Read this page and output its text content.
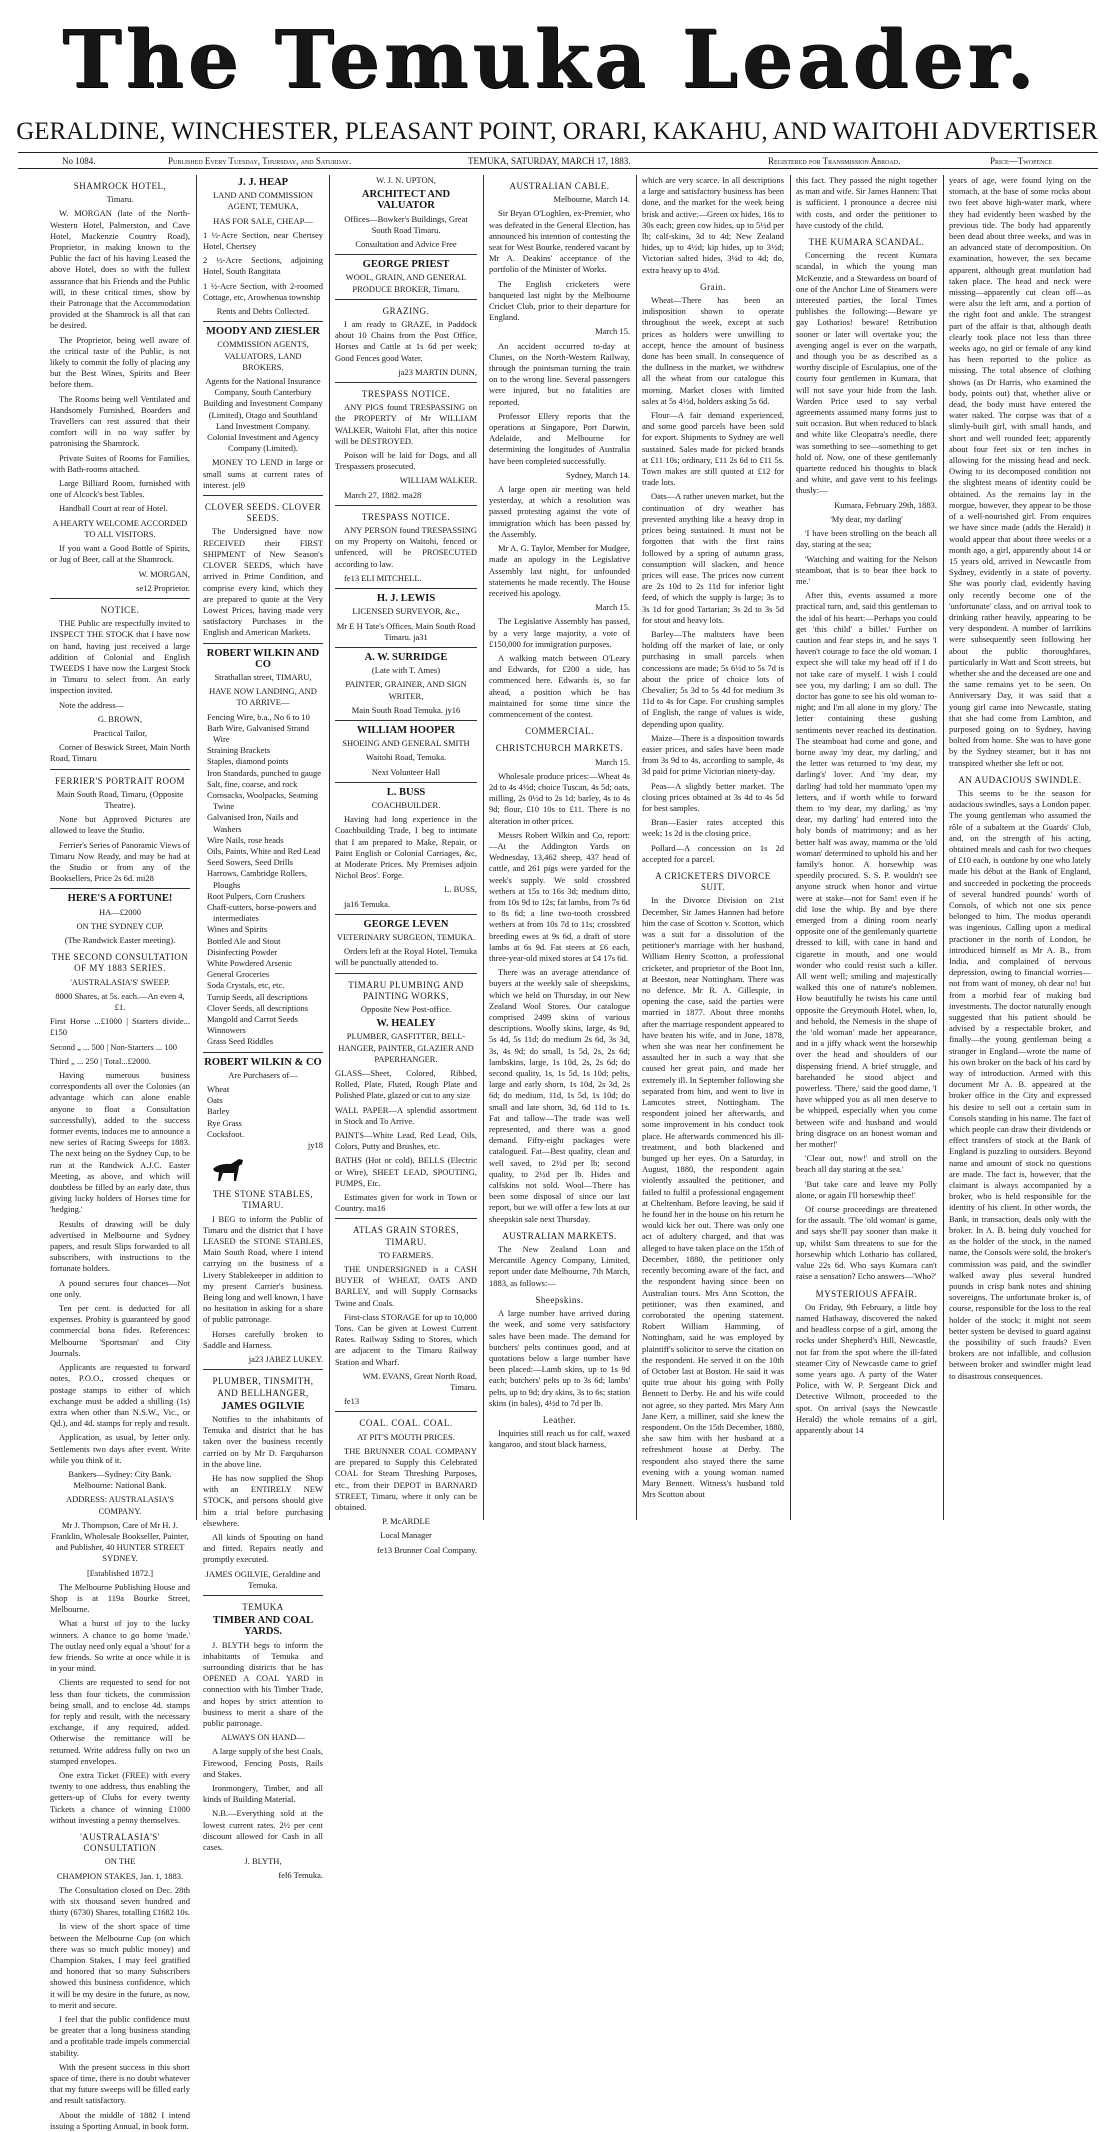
The Temuka Leader.
GERALDINE, WINCHESTER, PLEASANT POINT, ORARI, KAKAHU, AND WAITOHI ADVERTISER
No 1084.	Published Every Tuesday, Thursday, and Saturday.	TEMUKA, SATURDAY, MARCH 17, 1883.	Registered for Transmission Abroad.	Price—Twopence
SHAMROCK HOTEL,

Timaru.

W. MORGAN (late of the North-Western Hotel, Palmerston, and Cave Hotel, Mackenzie Country Road), Proprietor, in making known to the Public the fact of his having Leased the above Hotel, does so with the fullest assurance that his Friends and the Public will, in these critical times, show by their Patronage that the Accommodation provided at the Shamrock is all that can be desired.

The Proprietor, being well aware of the critical taste of the Public, is not likely to commit the folly of placing any but the Best Wines, Spirits and Beer before them.

The Rooms being well Ventilated and Handsomely Furnished, Boarders and Travellers can rest assured that their comfort will in no way suffer by patronising the Shamrock.

Private Suites of Rooms for Families, with Bath-rooms attached.

Large Billiard Room, furnished with one of Alcock's best Tables.

Handball Court at rear of Hotel.

A HEARTY WELCOME ACCORDED TO ALL VISITORS.

If you want a Good Bottle of Spirits, or Jug of Beer, call at the Shamrock.

W. MORGAN,

se12 Proprietor.

NOTICE.

THE Public are respectfully invited to INSPECT THE STOCK that I have now on hand, having just received a large addition of Colonial and English TWEEDS I have now the Largest Stock in Timaru to select from. An early inspection invited.

Note the address—

G. BROWN,

Practical Tailor,

Corner of Beswick Street, Main North Road, Timaru

FERRIER'S PORTRAIT ROOM

Main South Road, Timaru, (Opposite Theatre).

None but Approved Pictures are allowed to leave the Studio.

Ferrier's Series of Panoramic Views of Timaru Now Ready, and may be had at the Studio or from any of the Booksellers, Price 2s 6d. mi28

HERE'S A FORTUNE!

HA—£2000

ON THE SYDNEY CUP.

(The Randwick Easter meeting).

THE SECOND CONSULTATION OF MY 1883 SERIES.

'AUSTRALASIA'S' SWEEP.

8000 Shares, at 5s. each.—An even 4, £1.

First Horse ...£1000 | Starters divide...£150

Second „ ... 500 | Non-Starters ... 100

Third „ ... 250 | Total...£2000.

Having numerous business correspondents all over the Colonies (an advantage which can alone enable anyone to float a Consultation successfully), added to the success former events, induces me to announce a new series of Racing Sweeps for 1883. The next being on the Sydney Cup, to be run at the Randwick A.J.C. Easter Meeting, as above, and which will doubtless be filled by an early date, thus giving lucky holders of Horses time for 'hedging.'

Results of drawing will be duly advertised in Melbourne and Sydney papers, and result Slips forwarded to all subscribers, with instructions to the fortunate holders.

A pound secures four chances—Not one only.

Ten per cent. is deducted for all expenses. Probity is guaranteed by good commercial bona fides. References: Melbourne 'Sportsman' and City Journals.

Applicants are requested to forward notes, P.O.O., crossed cheques or postage stamps to either of which exchange must be added a shilling (1s) extra when other than N.S.W., Vic., or Qd.), and 4d. stamps for reply and result.

Application, as usual, by letter only. Settlements two days after event. Write while you think of it.

Bankers—Sydney: City Bank. Melbourne: National Bank.

ADDRESS: AUSTRALASIA'S COMPANY.

Mr J. Thompson, Care of Mr H. J. Franklin, Wholesale Bookseller, Painter, and Publisher, 40 HUNTER STREET SYDNEY.

[Established 1872.]

The Melbourne Publishing House and Shop is at 119a Bourke Street, Melbourne.

What a burst of joy to the lucky winners. A chance to go home 'made.' The outlay need only equal a 'shout' for a few friends. So write at once while it is in your mind.

Clients are requested to send for not less than four tickets, the commission being small, and to enclose 4d. stamps for reply and result, with the necessary exchange, if any required, added. Otherwise the remittance will be returned. Write address fully on two un stamped envelopes.

One extra Ticket (FREE) with every twenty to one address, thus enabling the getters-up of Clubs for every twenty Tickets a chance of winning £1000 without investing a penny themselves.

'AUSTRALASIA'S' CONSULTATION

ON THE

CHAMPION STAKES, Jan. 1, 1883.

The Consultation closed on Dec. 28th with six thousand seven hundred and thirty (6730) Shares, totalling £1682 10s.

In view of the short space of time between the Melbourne Cup (on which there was so much public money) and Champion Stakes, I may feel gratified and honored that so many Subscribers showed this business confidence, which it will be my desire in the future, as now, to merit and secure.

I feel that the public confidence must be greater that a long business standing and a profitable trade impels commercial stability.

With the present success in this short space of time, there is no doubt whatever that my future sweeps will be filled early and result satisfactory.

About the middle of 1882 I intend issuing a Sporting Annual, in book form.

J. J. HEAP

LAND AND COMMISSION AGENT, TEMUKA,

HAS FOR SALE, CHEAP—

1 ½-Acre Section, near Chertsey Hotel, Chertsey

2 ½-Acre Sections, adjoining Hotel, South Rangitata

1 ½-Acre Section, with 2-roomed Cottage, etc, Arowhenua township

Rents and Debts Collected.

MOODY AND ZIESLER

COMMISSION AGENTS, VALUATORS, LAND BROKERS.

Agents for the National Insurance Company, South Canterbury Building and Investment Company (Limited), Otago and Southland Land Investment Company. Colonial Investment and Agency Company (Limited).

MONEY TO LEND in large or small sums at current rates of interest. jel9

CLOVER SEEDS. CLOVER SEEDS.

The Undersigned have now RECEIVED their FIRST SHIPMENT of New Season's CLOVER SEEDS, which have arrived in Prime Condition, and comprise every kind, which they are prepared to quote at the Very Lowest Prices, having made very satisfactory Purchases in the English and American Markets.

ROBERT WILKIN AND CO

Strathallan street, TIMARU,

HAVE NOW LANDING, AND TO ARRIVE—

Fencing Wire, b.a., No 6 to 10
Barb Wire, Galvanised Strand Wire
Straining Brackets
Staples, diamond points
Iron Standards, punched to gauge
Salt, fine, coarse, and rock
Cornsacks, Woolpacks, Seaming Twine
Galvanised Iron, Nails and Washers
Wire Nails, rose heads
Oils, Paints, White and Red Lead
Seed Sowers, Seed Drills
Harrows, Cambridge Rollers, Ploughs
Root Pulpers, Corn Crushers
Chaff-cutters, horse-powers and intermediates
Wines and Spirits
Bottled Ale and Stout
Disinfecting Powder
White Powdered Arsenic
General Groceries
Soda Crystals, etc, etc.
Turnip Seeds, all descriptions
Clover Seeds, all descriptions
Mangold and Carrot Seeds
Winnowers
Grass Seed Riddles
ROBERT WILKIN & CO

Are Purchasers of—

Wheat
Oats
Barley
Rye Grass
Cocksfoot.

jy18

THE STONE STABLES, TIMARU.

I BEG to inform the Public of Timaru and the district that I have LEASED the STONE STABLES, Main South Road, where I intend carrying on the business of a Livery Stablekeeper in addition to my present Carrier's business. Being long and well known, I have no hesitation in asking for a share of public patronage.

Horses carefully broken to Saddle and Harness.

ja23 JABEZ LUKEY.

PLUMBER, TINSMITH, AND BELLHANGER,
JAMES OGILVIE

Notifies to the inhabitants of Temuka and district that he has taken over the business recently carried on by Mr D. Farquharson in the above line.

He has now supplied the Shop with an ENTIRELY NEW STOCK, and persons should give him a trial before purchasing elsewhere.

All kinds of Spouting on hand and fitted. Repairs neatly and promptly executed.

JAMES OGILVIE, Geraldine and Temuka.

TEMUKA
TIMBER AND COAL YARDS.

J. BLYTH begs to inform the inhabitants of Temuka and surrounding districts that he has OPENED A COAL YARD in connection with his Timber Trade, and hopes by strict attention to business to merit a share of the public patronage.

ALWAYS ON HAND—

A large supply of the best Coals, Firewood, Fencing Posts, Rails and Stakes.

Ironmongery, Timber, and all kinds of Building Material.

N.B.—Everything sold at the lowest current rates. 2½ per cent discount allowed for Cash in all cases.

J. BLYTH,

fel6 Temuka.

W. J. N. UPTON,

ARCHITECT AND VALUATOR

Offices—Bowker's Buildings, Great South Road Timaru.

Consultation and Advice Free

GEORGE PRIEST

WOOL, GRAIN, AND GENERAL PRODUCE BROKER, Timaru.

GRAZING.

I am ready to GRAZE, in Paddock about 10 Chains from the Post Office, Horses and Cattle at 1s 6d per week; Good Fences good Water.

ja23 MARTIN DUNN,

TRESPASS NOTICE.

ANY PIGS found TRESPASSING on the PROPERTY of Mr WILLIAM WALKER, Waitohi Flat, after this notice will be DESTROYED.

Poison will be laid for Dogs, and all Trespassers prosecuted.

WILLIAM WALKER.

March 27, 1882. ma28

TRESPASS NOTICE.

ANY PERSON found TRESPASSING on my Property on Waitohi, fenced or unfenced, will be PROSECUTED according to law.

fe13 ELI MITCHELL.

H. J. LEWIS

LICENSED SURVEYOR, &c.,

Mr E H Tate's Offices, Main South Road Timaru. ja31

A. W. SURRIDGE

(Late with T. Ames)

PAINTER, GRAINER, AND SIGN WRITER,

Main South Road Temuka. jy16

WILLIAM HOOPER

SHOEING AND GENERAL SMITH

Waitohi Road, Temuka.

Next Volunteer Hall

L. BUSS

COACHBUILDER.

Having had long experience in the Coachbuilding Trade, I beg to intimate that I am prepared to Make, Repair, or Paint English or Colonial Carriages, &c, at Moderate Prices. My Premises adjoin Nichol Bros'. Forge.

L. BUSS,

ja16 Temuka.

GEORGE LEVEN

VETERINARY SURGEON, TEMUKA.

Orders left at the Royal Hotel, Temuka will be punctually attended to.

TIMARU PLUMBING AND PAINTING WORKS,

Opposite New Post-office.

W. HEALEY

PLUMBER, GASFITTER, BELL-HANGER, PAINTER, GLAZIER AND PAPERHANGER.

GLASS—Sheet, Colored, Ribbed, Rolled, Plate, Fluted, Rough Plate and Polished Plate, glazed or cut to any size

WALL PAPER—A splendid assortment in Stock and To Arrive.

PAINTS—White Lead, Red Lead, Oils, Colors, Putty and Brushes, etc.

BATHS (Hot or cold), BELLS (Electric or Wire), SHEET LEAD, SPOUTING, PUMPS, Etc.

Estimates given for work in Town or Country. ma16

ATLAS GRAIN STORES, TIMARU.

TO FARMERS.

THE UNDERSIGNED is a CASH BUYER of WHEAT, OATS AND BARLEY, and will Supply Cornsacks Twine and Coals.

First-class STORAGE for up to 10,000 Tons. Can be given at Lowest Current Rates. Railway Siding to Stores, which are adjacent to the Timaru Railway Station and Wharf.

WM. EVANS, Great North Road, Timaru.

fe13

COAL. COAL. COAL.

AT PIT'S MOUTH PRICES.

THE BRUNNER COAL COMPANY are prepared to Supply this Celebrated COAL for Steam Threshing Purposes, etc., from their DEPOT in BARNARD STREET, Timaru, where it only can be obtained.

P. McARDLE

Local Manager

fe13 Brunner Coal Company.

AUSTRALIAN CABLE.

Melbourne, March 14.

Sir Bryan O'Loghlen, ex-Premier, who was defeated in the General Election, has announced his intention of contesting the seat for West Bourke, rendered vacant by Mr A. Deakins' acceptance of the portfolio of the Minister of Works.

The English cricketers were banqueted last night by the Melbourne Cricket Club, prior to their departure for England.

March 15.

An accident occurred to-day at Clunes, on the North-Western Railway, through the pointsman turning the train on to the wrong line. Several passengers were injured, but no fatalities are reported.

Professor Ellery reports that the operations at Singapore, Port Darwin, Adelaide, and Melbourne for determining the longitudes of Australia have been completed successfully.

Sydney, March 14.

A large open air meeting was held yesterday, at which a resolution was passed protesting against the vote of immigration which has been passed by the Assembly.

Mr A. G. Taylor, Member for Mudgee, made an apology in the Legislative Assembly last night, for unfounded statements he made recently. The House received his apology.

March 15.

The Legislative Assembly has passed, by a very large majority, a vote of £150,000 for immigration purposes.

A walking match between O'Leary and Edwards, for £200 a side, has commenced here. Edwards is, so far ahead, a position which he has maintained for some time since the commencement of the contest.

COMMERCIAL.
CHRISTCHURCH MARKETS.

March 15.

Wholesale produce prices:—Wheat 4s 2d to 4s 4½d; choice Tuscan, 4s 5d; oats, milling, 2s 0½d to 2s 1d; barley, 4s to 4s 9d; flour, £10 10s to £11. There is no alteration in other prices.

Messrs Robert Wilkin and Co, report:—At the Addington Yards on Wednesday, 13,462 sheep, 437 head of cattle, and 261 pigs were yarded for the week's supply. We sold crossbred wethers at 15s to 16s 3d; medium ditto, from 10s 9d to 12s; fat lambs, from 7s 6d to 8s 6d; a line two-tooth crossbred wethers at from 10s 7d to 11s; crossbred breeding ewes at 9s 6d, a draft of store lambs at 6s 9d. Fat steers at £6 each, three-year-old mixed stores at £4 17s 6d.

There was an average attendance of buyers at the weekly sale of sheepskins, which we held on Thursday, in our New Zealand Wool Stores. Our catalogue comprised 2499 skins of various descriptions. Woolly skins, large, 4s 9d, 5s 4d, 5s 11d; do medium 2s 6d, 3s 3d, 3s, 4s 9d; do small, 1s 5d, 2s, 2s 6d; lambskins, large, 1s 10d, 2s, 2s 6d; do second quality, 1s, 1s 5d, 1s 10d; pelts, large and early shorn, 1s 10d, 2s 3d, 2s 6d; do medium, 11d, 1s 5d, 1s 10d; do small and late shorn, 3d, 6d 11d to 1s. Fat and tallow—The trade was well represented, and there was a good demand. Fifty-eight packages were catalogued. Fat—Best quality, clean and well saved, to 2½d per lb; second quality, to 2½d per lb. Hides and calfskins not sold. Wool—There has been some disposal of since our last report, but we will offer a few lots at our sheepskin sale next Thursday.

AUSTRALIAN MARKETS.

The New Zealand Loan and Mercantile Agency Company, Limited, report under date Melbourne, 7th March, 1883, as follows:—

Sheepskins.

A large number have arrived during the week, and some very satisfactory sales have been made. The demand for butchers' pelts continues good, and at quotations below a large number have been placed:—Lamb skins, up to 1s 9d each; butchers' pelts up to 3s 6d; lambs' pelts, up to 9d; dry skins, 3s to 6s; station skins (in bales), 4½d to 7d per lb.

Leather.

Inquiries still reach us for calf, waxed kangaroo, and stout black harness,

which are very scarce. In all descriptions a large and satisfactory business has been done, and the market for the week being brisk and active:—Green ox hides, 16s to 30s each; green cow hides, up to 5½d per lb; calf-skins, 3d to 4d; New Zealand hides, up to 4½d; kip hides, up to 3½d; Victorian salted hides, 3¼d to 4d; do, extra heavy up to 4½d.

Grain.

Wheat—There has been an indisposition shown to operate throughout the week, except at such prices as holders were unwilling to accept, hence the amount of business done has been small. In consequence of the dullness in the market, we withdrew all the wheat from our catalogue this morning. Market closes with limited sales at 5s 4½d, holders asking 5s 6d.

Flour—A fair demand experienced, and some good parcels have been sold for export. Shipments to Sydney are well sustained. Sales made for picked brands at £11 10s; ordinary, £11 2s 6d to £11 5s. Town makes are still quoted at £12 for trade lots.

Oats—A rather uneven market, but the continuation of dry weather has prevented anything like a heavy drop in prices being sustained. It must not be forgotten that with the first rains followed by a spring of autumn grass, consumption will slacken, and hence prices will ease. The prices now current are 2s 10d to 2s 11d for inferior light feed, of which the supply is large; 3s to 3s 1d for good Tartarian; 3s 2d to 3s 5d for stout and heavy lots.

Barley—The maltsters have been holding off the market of late, or only purchasing in small parcels when concessions are made; 5s 6½d to 5s 7d is about the price of choice lots of Chevalier; 5s 3d to 5s 4d for medium 3s 11d to 4s for Cape. For crushing samples of English, the range of values is wide, depending upon quality.

Maize—There is a disposition towards easier prices, and sales have been made from 3s 9d to 4s, according to sample, 4s 3d paid for prime Victorian ninety-day.

Peas—A slightly better market. The closing prices obtained at 3s 4d to 4s 5d for best samples.

Bran—Easier rates accepted this week; 1s 2d is the closing price.

Pollard—A concession on 1s 2d accepted for a parcel.

A CRICKETERS DIVORCE SUIT.

In the Divorce Division on 21st December, Sir James Hannen had before him the case of Scotton v. Scotton, which was a suit for a dissolution of the petitioner's marriage with her husband, William Henry Scotton, a professional cricketer, and proprietor of the Boot Inn, at Beeston, near Nottingham. There was no defence. Mr R. A. Gillespie, in opening the case, said the parties were married in 1877. About three months after the marriage respondent appeared to have beaten his wife, and in June, 1878, when she was near her confinement he assaulted her in such a way that she caused her great pain, and made her extremely ill. In September following she separated from him, and went to live in Lamcotes street, Nottingham. The respondent joined her afterwards, and some improvement in his conduct took place. He afterwards commenced his ill-treatment, and both blackened and bunged up her eyes. On a Saturday, in August, 1880, the respondent again violently assaulted the petitioner, and failed to fulfil a professional engagement at Cheltenham. Before leaving, he said if he found her in the house on his return he would kick her out. There was only one act of adultery charged, and that was alleged to have taken place on the 15th of December, 1880, the petitioner only recently becoming aware of the fact, and the respondent having since been on Australian tours. Mrs Ann Scotton, the petitioner, was then examined, and corroborated the opening statement. Robert William Hamming, of Nottingham, said he was employed by plaintiff's solicitor to serve the citation on the respondent. He served it on the 10th of October last at Boston. He said it was quite true about his going with Polly Bennett to Derby. He and his wife could not agree, so they parted. Mrs Mary Ann Jane Kerr, a milliner, said she knew the respondent. On the 15th December, 1880, she saw him with her husband at a refreshment house at Derby. The respondent also stayed there the same evening with a young woman named Mary Bennett. Witness's husband told Mrs Scotton about

this fact. They passed the night together as man and wife. Sir James Hannen: That is sufficient. I pronounce a decree nisi with costs, and order the petitioner to have custody of the child.

THE KUMARA SCANDAL.

Concerning the recent Kumara scandal, in which the young man McKenzie, and a Stewardess on board of one of the Anchor Line of Steamers were interested parties, the local Times publishes the following:—Beware ye gay Lotharios! beware! Retribution sooner or later will overtake you; the avenging angel is ever on the warpath, and though you be as described as a worthy disciple of Esculapius, one of the courty four gentlemen in Kumara, that will not save your hide from the lash. Warden Price used to say verbal agreements assumed many forms just to suit occasion. But when reduced to black and white like Cleopatra's needle, there was something to see—something to get hold of. Now, one of these gentlemanly quartette reduced his thoughts to black and white, and gave vent to his feelings thusly:—

Kumara, February 29th, 1883.

'My dear, my darling'

'I have been strolling on the beach all day, staring at the sea;

'Watching and waiting for the Nelson steamboat, that is to bear thee back to me.'

After this, events assumed a more practical turn, and, said this gentleman to the idol of his heart:—Perhaps you could get 'this child' a billet.' Further on caution and fear steps in, and he says 'I haven't courage to face the old woman. I expect she will take my head off if I do not take care of myself. I wish I could see you, my darling; I am so dull. The doctor has gone to see his old woman to-night; and I'm all alone in my glory.' The letter containing these gushing sentiments never reached its destination. The steamboat had come and gone, and borne away 'my dear, my darling,' and the letter was returned to 'my dear, my darling's' lover. And 'my dear, my darling' had told her mammato 'open my letters, and if worth while to forward them to 'my dear, my darling,' as 'my dear, my darling' had entered into the holy bonds of matrimony; and as her better half was away, mamma or the 'old woman' determined to uphold his and her family's honor. A horsewhip was speedily procured. S. S. P. wouldn't see anyone struck when honor and virtue were at stake—not for Sam! even if he did lose the whip. By and bye there emerged from a dining room nearly opposite one of the gentlemanly quartette dressed to kill, with cane in hand and cigarette in mouth, and one would wonder who could resist such a killer. All went well; smiling and majestically walked this one of nature's noblemen. How beautifully he twists his cane until opposite the Greymouth Hotel, when, lo, and behold, the Nemesis in the shape of the 'old woman' made her appearance, and in a jiffy whack went the horsewhip over the head and shoulders of our dispensing friend. A brief struggle, and barehanded he stood abject and powerless. 'There,' said the good dame, 'I have whipped you as all men deserve to be whipped, especially when you come between wife and husband and would bring disgrace on an honest woman and her mother!'

'Clear out, now!' and stroll on the beach all day staring at the sea.'

'But take care and leave my Polly alone, or again I'll horsewhip thee!'

Of course proceedings are threatened for the assault. 'The 'old woman' is game, and says she'll pay sooner than make it up, whilst Sam threatens to sue for the horsewhip which Lothario has collared, value 22s 6d. Who says Kumara can't raise a sensation? Echo answers—'Who?'

MYSTERIOUS AFFAIR.

On Friday, 9th February, a little boy named Hathaway, discovered the naked and headless corpse of a girl, among the rocks under Shepherd's Hill, Newcastle, not far from the spot where the ill-fated steamer City of Newcastle came to grief some years ago. A party of the Water Police, with W. P. Sergeant Dick and Detective Wilmott, proceeded to the spot. On arrival (says the Newcastle Herald) the whole remains of a girl, apparently about 14

years of age, were found lying on the stomach, at the base of some rocks about two feet above high-water mark, where they had evidently been washed by the previous tide. The body had apparently been dead about three weeks, and was in an advanced state of decomposition. On examination, however, the sex became apparent, although great mutilation had taken place. The head and neck were missing—apparently cut clean off—as were also the left arm, and a portion of the right foot and ankle. The strangest part of the affair is that, although death clearly took place not less than three weeks ago, no girl or female of any kind has been reported to the police as missing. The total absence of clothing shows (as Dr Harris, who examined the body, points out) that, whether alive or dead, the body must have entered the water naked. The corpse was that of a slimly-built girl, with small hands, and short and well rounded feet; apparently about four feet six or ten inches in allowing for the missing head and neck. Owing to its decomposed condition not the slightest means of identity could be obtained. As the remains lay in the morgue, however, they appear to be those of a well-nourished girl. From enquires we have since made (adds the Herald) it would appear that about three weeks or a month ago, a girl, apparently about 14 or 15 years old, arrived in Newcastle from Sydney, evidently in a state of poverty. She was poorly clad, evidently having only recently become one of the 'unfortunate' class, and on arrival took to drinking rather heavily, appearing to be very despondent. A number of larrikins were subsequently seen following her about the public thoroughfares, particularly in Watt and Scott streets, but whether she and the deceased are one and the same remains yet to be seen. On Anniversary Day, it was said that a young girl came into Newcastle, stating that she had come from Lambton, and purposed going on to Sydney, having bolted from home. She was to have gone by the Sydney steamer, but it has not transpired whether she left or not.

AN AUDACIOUS SWINDLE.

This seems to be the season for audacious swindles, says a London paper. The young gentleman who assumed the rôle of a subaltern at the Guards' Club, and, on the strength of his acting, obtained meals and cash for two cheques of £10 each, is outdone by one who lately made his début at the Bank of England, and succeeded in pocketing the proceeds of several hundred pounds' worth of Consols, of which not one six pence belonged to him. The modus operandi was ingenious. Calling upon a medical practioner in the north of London, he introduced himself as Mr A. B., from India, and complained of nervous depression, owing to financial worries—not from want of money, oh dear no! but from a morbid fear of making bad investments. The doctor naturally enough suggested that his patient should be advised by a respectable broker, and finally—the young gentleman being a stranger in England—wrote the name of his own broker on the back of his card by way of introduction. Armed with this document Mr A. B. appeared at the broker office in the City and expressed his desire to sell out a certain sum in Consols standing in his name. The fact of which people can draw their dividends or effect transfers of stock at the Bank of England is puzzling to outsiders. Beyond name and amount of stock no questions are made. The fact is, however, that the claimant is always accompanied by a broker, who is held responsible for the identity of his client. In other words, the Bank, in transaction, deals only with the broker. In A. B. being duly vouched for as the holder of the stock, in the named name, the Consols were sold, the broker's commission was paid, and the swindler walked away plus several hundred pounds in crisp bank notes and shining sovereigns. The unfortunate broker is, of course, responsible for the loss to the real holder of the stock; it might not seem better system be devised to guard against the possibility of such frauds? Even brokers are not infallible, and collusion between broker and swindler might lead to disastrous consequences.
